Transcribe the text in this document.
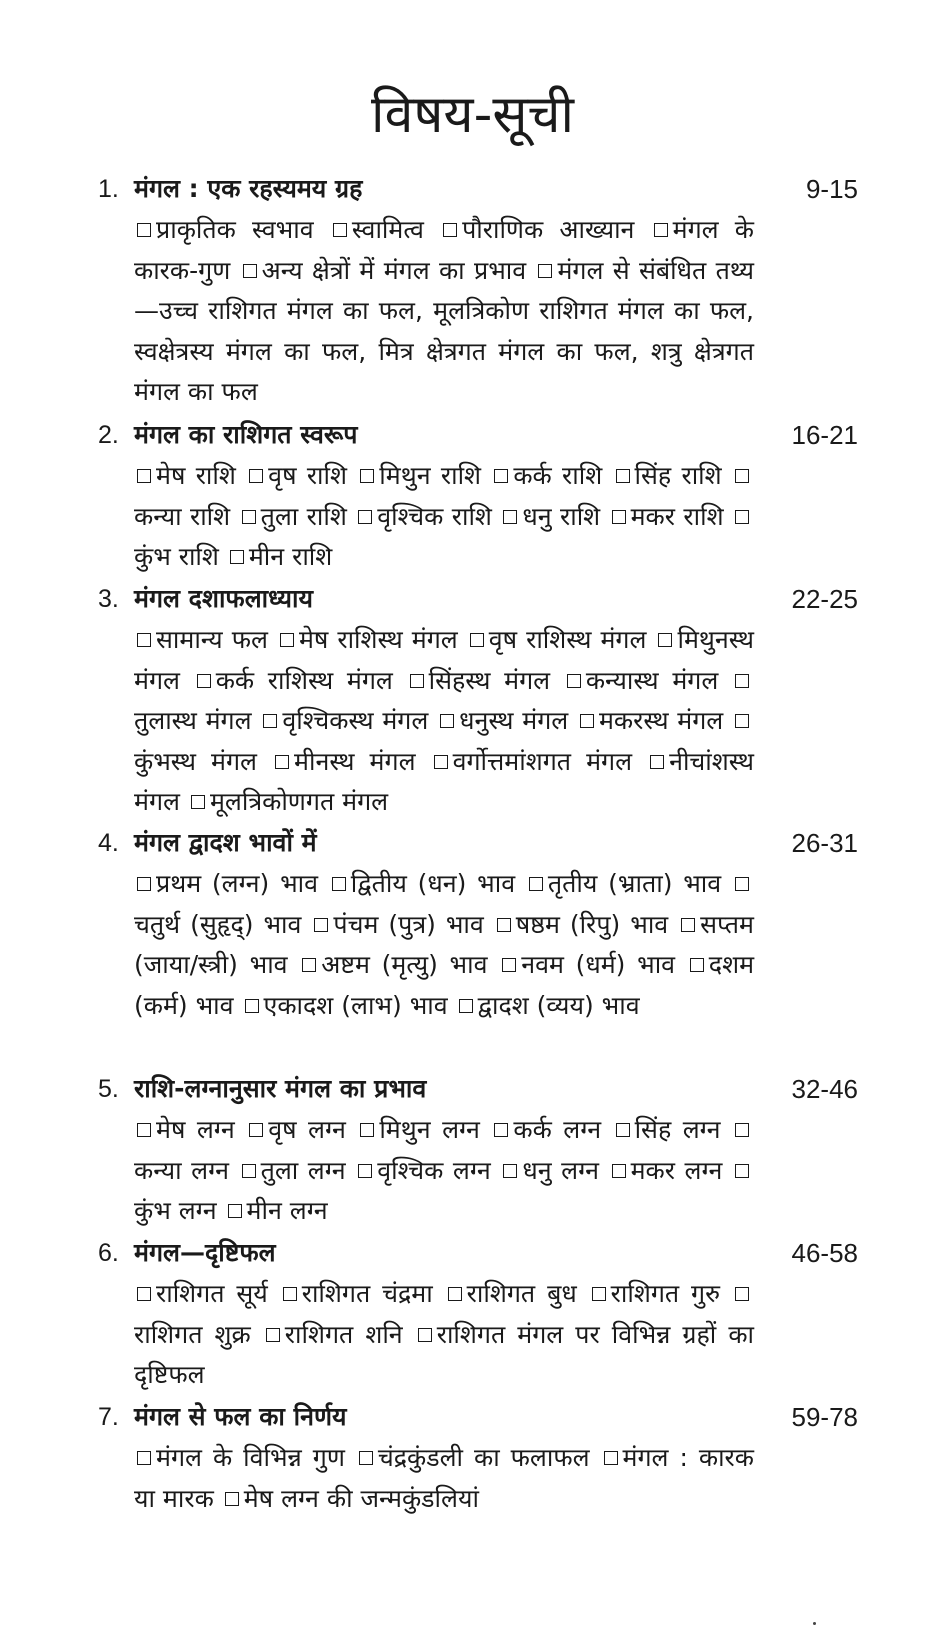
विषय-सूची
1. मंगल : एक रहस्यमय ग्रह	9-15
प्राकृतिक स्वभाव स्वामित्व पौराणिक आख्यान मंगल के कारक-गुण अन्य क्षेत्रों में मंगल का प्रभाव मंगल से संबंधित तथ्य—उच्च राशिगत मंगल का फल, मूलत्रिकोण राशिगत मंगल का फल, स्वक्षेत्रस्य मंगल का फल, मित्र क्षेत्रगत मंगल का फल, शत्रु क्षेत्रगत मंगल का फल
2. मंगल का राशिगत स्वरूप	16-21
मेष राशि वृष राशि मिथुन राशि कर्क राशि सिंह राशि कन्या राशि तुला राशि वृश्चिक राशि धनु राशि मकर राशि कुंभ राशि मीन राशि
3. मंगल दशाफलाध्याय	22-25
सामान्य फल मेष राशिस्थ मंगल वृष राशिस्थ मंगल मिथुनस्थ मंगल कर्क राशिस्थ मंगल सिंहस्थ मंगल कन्यास्थ मंगल तुलास्थ मंगल वृश्चिकस्थ मंगल धनुस्थ मंगल मकरस्थ मंगल कुंभस्थ मंगल मीनस्थ मंगल वर्गोत्तमांशगत मंगल नीचांशस्थ मंगल मूलत्रिकोणगत मंगल
4. मंगल द्वादश भावों में	26-31
प्रथम (लग्न) भाव द्वितीय (धन) भाव तृतीय (भ्राता) भाव चतुर्थ (सुहृद्) भाव पंचम (पुत्र) भाव षष्ठम (रिपु) भाव सप्तम (जाया/स्त्री) भाव अष्टम (मृत्यु) भाव नवम (धर्म) भाव दशम (कर्म) भाव एकादश (लाभ) भाव द्वादश (व्यय) भाव
5. राशि-लग्नानुसार मंगल का प्रभाव	32-46
मेष लग्न वृष लग्न मिथुन लग्न कर्क लग्न सिंह लग्न कन्या लग्न तुला लग्न वृश्चिक लग्न धनु लग्न मकर लग्न कुंभ लग्न मीन लग्न
6. मंगल—दृष्टिफल	46-58
राशिगत सूर्य राशिगत चंद्रमा राशिगत बुध राशिगत गुरु राशिगत शुक्र राशिगत शनि राशिगत मंगल पर विभिन्न ग्रहों का दृष्टिफल
7. मंगल से फल का निर्णय	59-78
मंगल के विभिन्न गुण चंद्रकुंडली का फलाफल मंगल : कारक या मारक मेष लग्न की जन्मकुंडलियां
